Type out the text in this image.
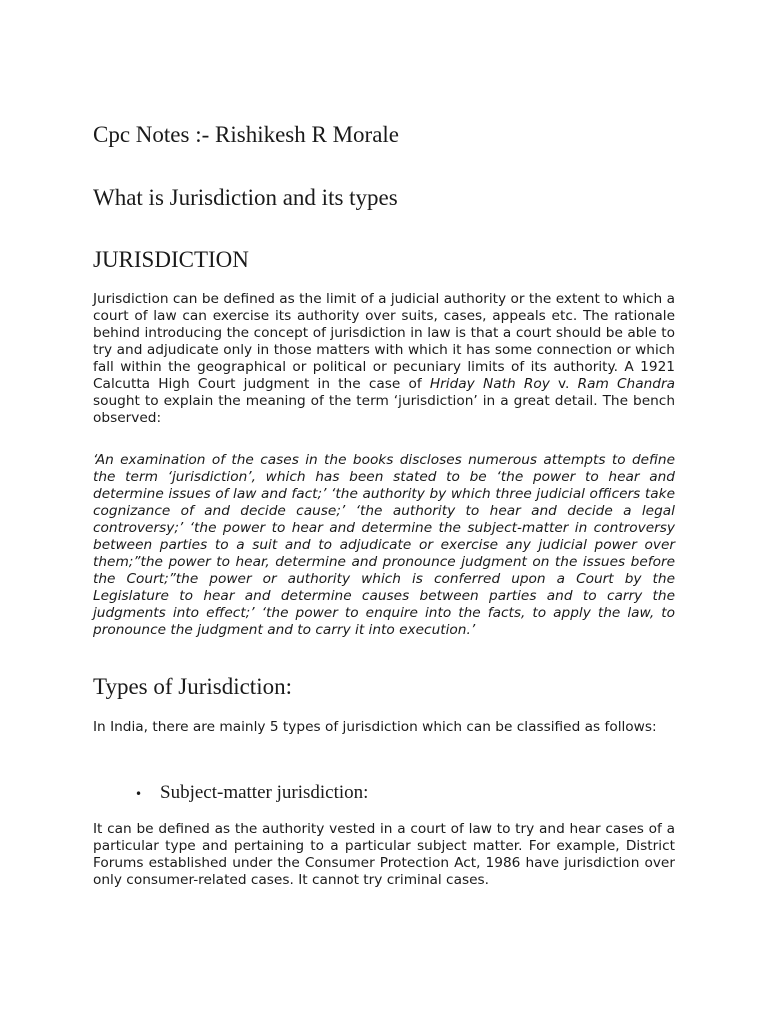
Cpc Notes :- Rishikesh R Morale
What is Jurisdiction and its types
JURISDICTION

Jurisdiction can be defined as the limit of a judicial authority or the extent to which a court of law can exercise its authority over suits, cases, appeals etc. The rationale behind introducing the concept of jurisdiction in law is that a court should be able to try and adjudicate only in those matters with which it has some connection or which fall within the geographical or political or pecuniary limits of its authority. A 1921 Calcutta High Court judgment in the case of Hriday Nath Roy v. Ram Chandra sought to explain the meaning of the term ‘jurisdiction’ in a great detail. The bench observed:

‘An examination of the cases in the books discloses numerous attempts to define the term ‘jurisdiction’, which has been stated to be ‘the power to hear and determine issues of law and fact;’ ‘the authority by which three judicial officers take cognizance of and decide cause;’ ‘the authority to hear and decide a legal controversy;’ ‘the power to hear and determine the subject-matter in controversy between parties to a suit and to adjudicate or exercise any judicial power over them;”the power to hear, determine and pronounce judgment on the issues before the Court;”the power or authority which is conferred upon a Court by the Legislature to hear and determine causes between parties and to carry the judgments into effect;’ ‘the power to enquire into the facts, to apply the law, to pronounce the judgment and to carry it into execution.’

Types of Jurisdiction:

In India, there are mainly 5 types of jurisdiction which can be classified as follows:

• Subject-matter jurisdiction:

It can be defined as the authority vested in a court of law to try and hear cases of a particular type and pertaining to a particular subject matter. For example, District Forums established under the Consumer Protection Act, 1986 have jurisdiction over only consumer-related cases. It cannot try criminal cases.
